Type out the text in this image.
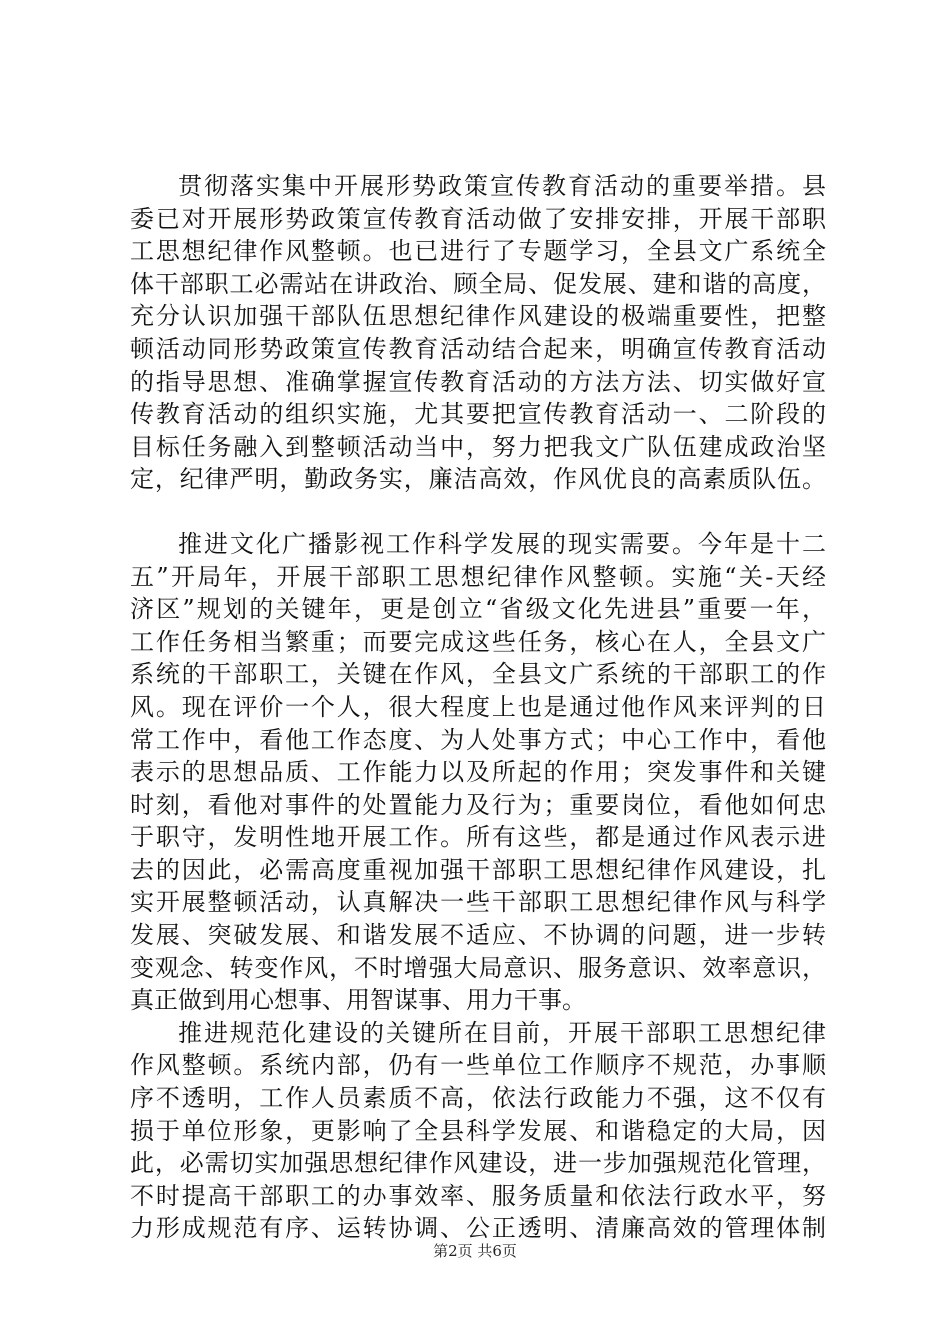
贯彻落实集中开展形势政策宣传教育活动的重要举措。县
委已对开展形势政策宣传教育活动做了安排安排，开展干部职
工思想纪律作风整顿。也已进行了专题学习，全县文广系统全
体干部职工必需站在讲政治、顾全局、促发展、建和谐的高度，
充分认识加强干部队伍思想纪律作风建设的极端重要性，把整
顿活动同形势政策宣传教育活动结合起来，明确宣传教育活动
的指导思想、准确掌握宣传教育活动的方法方法、切实做好宣
传教育活动的组织实施，尤其要把宣传教育活动一、二阶段的
目标任务融入到整顿活动当中，努力把我文广队伍建成政治坚
定，纪律严明，勤政务实，廉洁高效，作风优良的高素质队伍。
推进文化广播影视工作科学发展的现实需要。今年是十二
五”开局年，开展干部职工思想纪律作风整顿。实施“关-天经
济区”规划的关键年，更是创立“省级文化先进县”重要一年，
工作任务相当繁重；而要完成这些任务，核心在人，全县文广
系统的干部职工，关键在作风，全县文广系统的干部职工的作
风。现在评价一个人，很大程度上也是通过他作风来评判的日
常工作中，看他工作态度、为人处事方式；中心工作中，看他
表示的思想品质、工作能力以及所起的作用；突发事件和关键
时刻，看他对事件的处置能力及行为；重要岗位，看他如何忠
于职守，发明性地开展工作。所有这些，都是通过作风表示进
去的因此，必需高度重视加强干部职工思想纪律作风建设，扎
实开展整顿活动，认真解决一些干部职工思想纪律作风与科学
发展、突破发展、和谐发展不适应、不协调的问题，进一步转
变观念、转变作风，不时增强大局意识、服务意识、效率意识，
真正做到用心想事、用智谋事、用力干事。
推进规范化建设的关键所在目前，开展干部职工思想纪律
作风整顿。系统内部，仍有一些单位工作顺序不规范，办事顺
序不透明，工作人员素质不高，依法行政能力不强，这不仅有
损于单位形象，更影响了全县科学发展、和谐稳定的大局，因
此，必需切实加强思想纪律作风建设，进一步加强规范化管理，
不时提高干部职工的办事效率、服务质量和依法行政水平，努
力形成规范有序、运转协调、公正透明、清廉高效的管理体制
第2页 共6页
